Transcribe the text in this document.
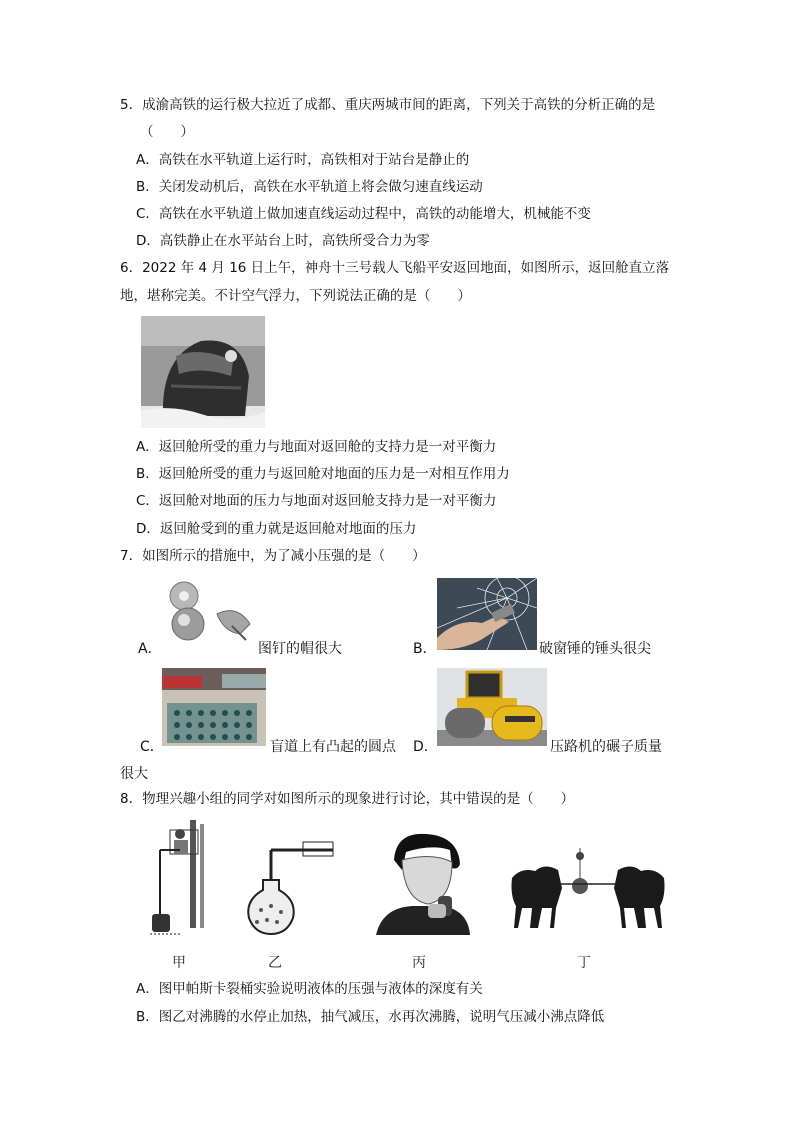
5．成渝高铁的运行极大拉近了成都、重庆两城市间的距离，下列关于高铁的分析正确的是
（　　）
A．高铁在水平轨道上运行时，高铁相对于站台是静止的
B．关闭发动机后，高铁在水平轨道上将会做匀速直线运动
C．高铁在水平轨道上做加速直线运动过程中，高铁的动能增大，机械能不变
D．高铁静止在水平站台上时，高铁所受合力为零
6．2022 年 4 月 16 日上午，神舟十三号载人飞船平安返回地面，如图所示，返回舱直立落
地，堪称完美。不计空气浮力，下列说法正确的是（　　）
A．返回舱所受的重力与地面对返回舱的支持力是一对平衡力
B．返回舱所受的重力与返回舱对地面的压力是一对相互作用力
C．返回舱对地面的压力与地面对返回舱支持力是一对平衡力
D．返回舱受到的重力就是返回舱对地面的压力
7．如图所示的措施中，为了减小压强的是（　　）
A．	图钉的帽很大	B．	破窗锤的锤头很尖
C．	盲道上有凸起的圆点 D．	压路机的碾子质量
很大
8．物理兴趣小组的同学对如图所示的现象进行讨论，其中错误的是（　　）
甲	乙	丙	丁
A．图甲帕斯卡裂桶实验说明液体的压强与液体的深度有关
B．图乙对沸腾的水停止加热，抽气减压，水再次沸腾，说明气压减小沸点降低
